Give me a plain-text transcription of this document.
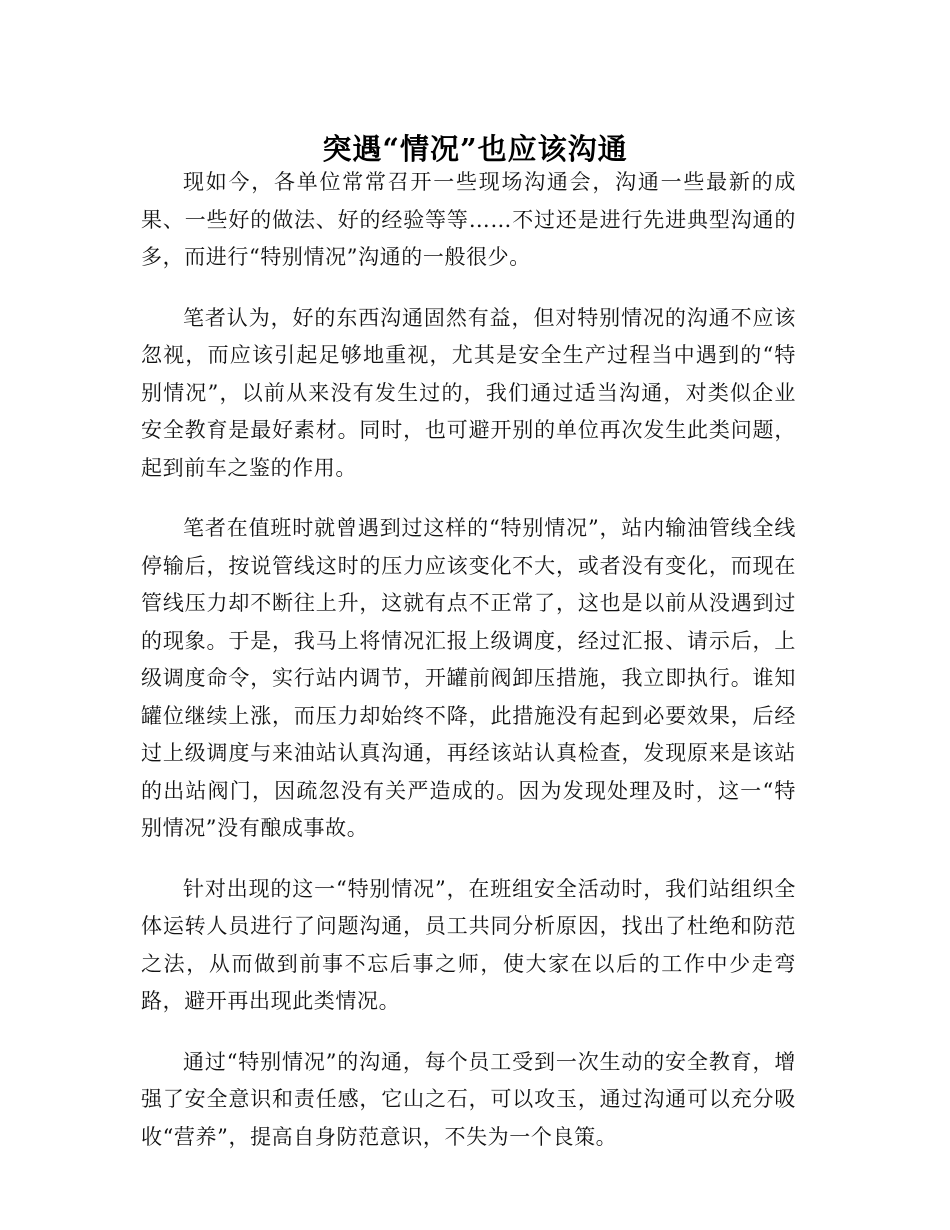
突遇“情况”也应该沟通

现如今，各单位常常召开一些现场沟通会，沟通一些最新的成果、一些好的做法、好的经验等等……不过还是进行先进典型沟通的多，而进行“特别情况”沟通的一般很少。

笔者认为，好的东西沟通固然有益，但对特别情况的沟通不应该忽视，而应该引起足够地重视，尤其是安全生产过程当中遇到的“特别情况”，以前从来没有发生过的，我们通过适当沟通，对类似企业安全教育是最好素材。同时，也可避开别的单位再次发生此类问题，起到前车之鉴的作用。

笔者在值班时就曾遇到过这样的“特别情况”，站内输油管线全线停输后，按说管线这时的压力应该变化不大，或者没有变化，而现在管线压力却不断往上升，这就有点不正常了，这也是以前从没遇到过的现象。于是，我马上将情况汇报上级调度，经过汇报、请示后，上级调度命令，实行站内调节，开罐前阀卸压措施，我立即执行。谁知罐位继续上涨，而压力却始终不降，此措施没有起到必要效果，后经过上级调度与来油站认真沟通，再经该站认真检查，发现原来是该站的出站阀门，因疏忽没有关严造成的。因为发现处理及时，这一“特别情况”没有酿成事故。

针对出现的这一“特别情况”，在班组安全活动时，我们站组织全体运转人员进行了问题沟通，员工共同分析原因，找出了杜绝和防范之法，从而做到前事不忘后事之师，使大家在以后的工作中少走弯路，避开再出现此类情况。

通过“特别情况”的沟通，每个员工受到一次生动的安全教育，增强了安全意识和责任感，它山之石，可以攻玉，通过沟通可以充分吸收“营养”，提高自身防范意识，不失为一个良策。
